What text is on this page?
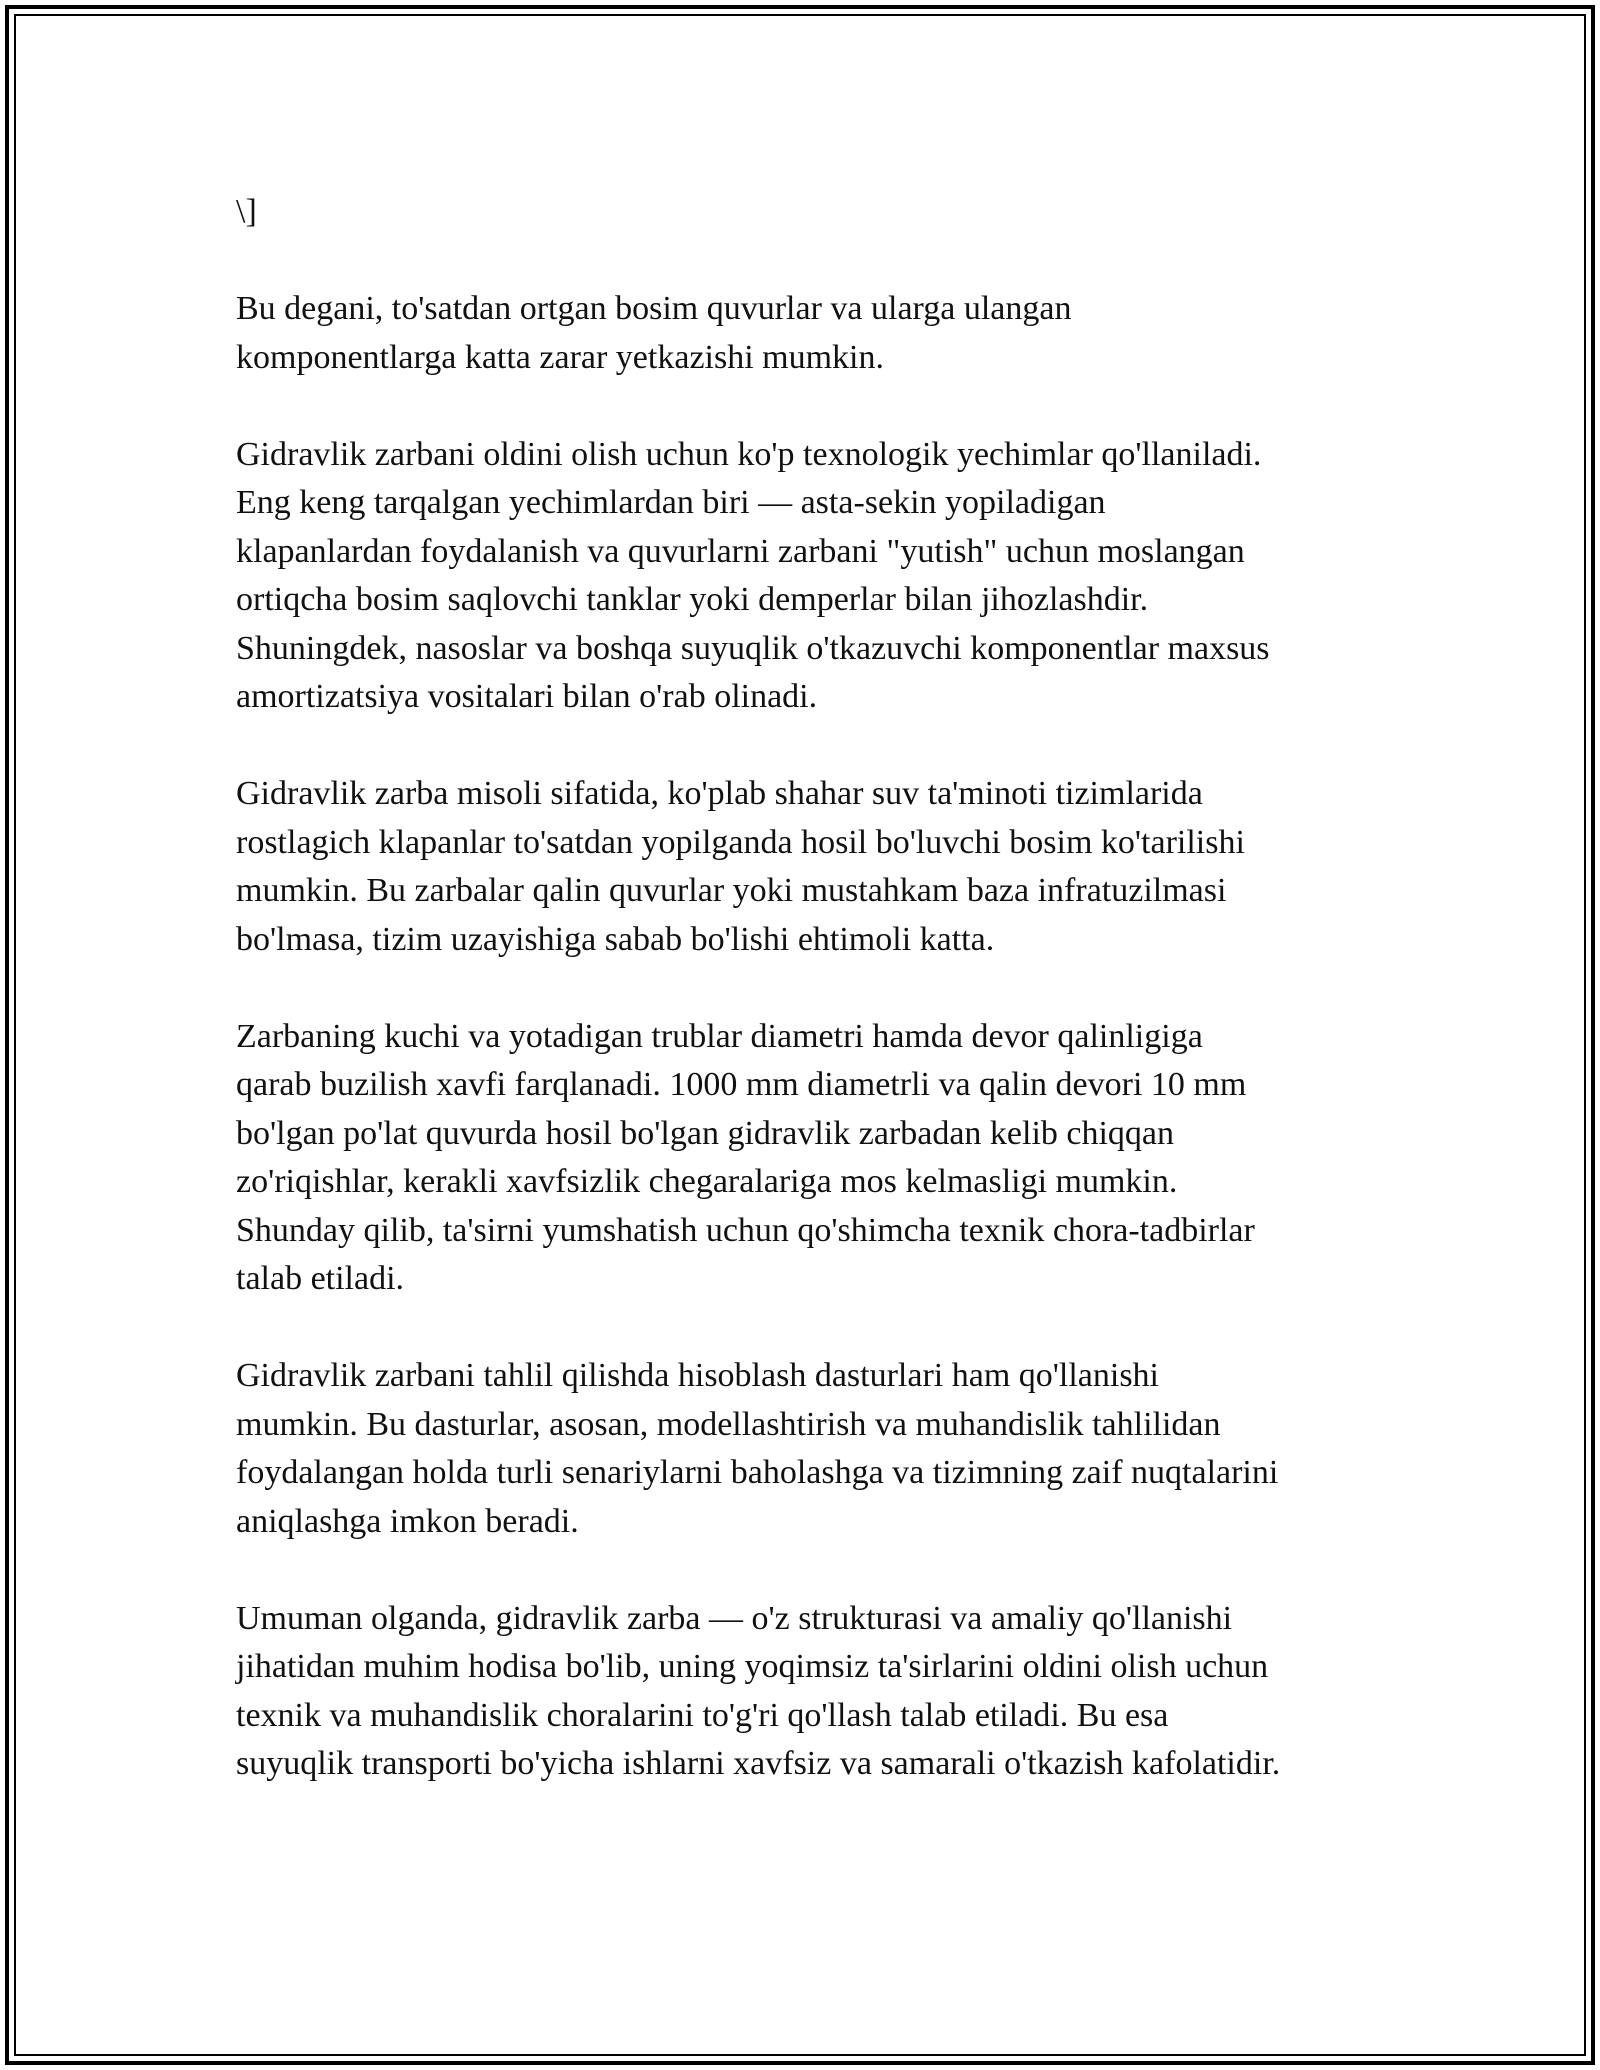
\]

Bu degani, to'satdan ortgan bosim quvurlar va ularga ulangan
komponentlarga katta zarar yetkazishi mumkin.

Gidravlik zarbani oldini olish uchun ko'p texnologik yechimlar qo'llaniladi.
Eng keng tarqalgan yechimlardan biri — asta-sekin yopiladigan
klapanlardan foydalanish va quvurlarni zarbani "yutish" uchun moslangan
ortiqcha bosim saqlovchi tanklar yoki demperlar bilan jihozlashdir.
Shuningdek, nasoslar va boshqa suyuqlik o'tkazuvchi komponentlar maxsus
amortizatsiya vositalari bilan o'rab olinadi.

Gidravlik zarba misoli sifatida, ko'plab shahar suv ta'minoti tizimlarida
rostlagich klapanlar to'satdan yopilganda hosil bo'luvchi bosim ko'tarilishi
mumkin. Bu zarbalar qalin quvurlar yoki mustahkam baza infratuzilmasi
bo'lmasa, tizim uzayishiga sabab bo'lishi ehtimoli katta.

Zarbaning kuchi va yotadigan trublar diametri hamda devor qalinligiga
qarab buzilish xavfi farqlanadi. 1000 mm diametrli va qalin devori 10 mm
bo'lgan po'lat quvurda hosil bo'lgan gidravlik zarbadan kelib chiqqan
zo'riqishlar, kerakli xavfsizlik chegaralariga mos kelmasligi mumkin.
Shunday qilib, ta'sirni yumshatish uchun qo'shimcha texnik chora-tadbirlar
talab etiladi.

Gidravlik zarbani tahlil qilishda hisoblash dasturlari ham qo'llanishi
mumkin. Bu dasturlar, asosan, modellashtirish va muhandislik tahlilidan
foydalangan holda turli senariylarni baholashga va tizimning zaif nuqtalarini
aniqlashga imkon beradi.

Umuman olganda, gidravlik zarba — o'z strukturasi va amaliy qo'llanishi
jihatidan muhim hodisa bo'lib, uning yoqimsiz ta'sirlarini oldini olish uchun
texnik va muhandislik choralarini to'g'ri qo'llash talab etiladi. Bu esa
suyuqlik transporti bo'yicha ishlarni xavfsiz va samarali o'tkazish kafolatidir.
